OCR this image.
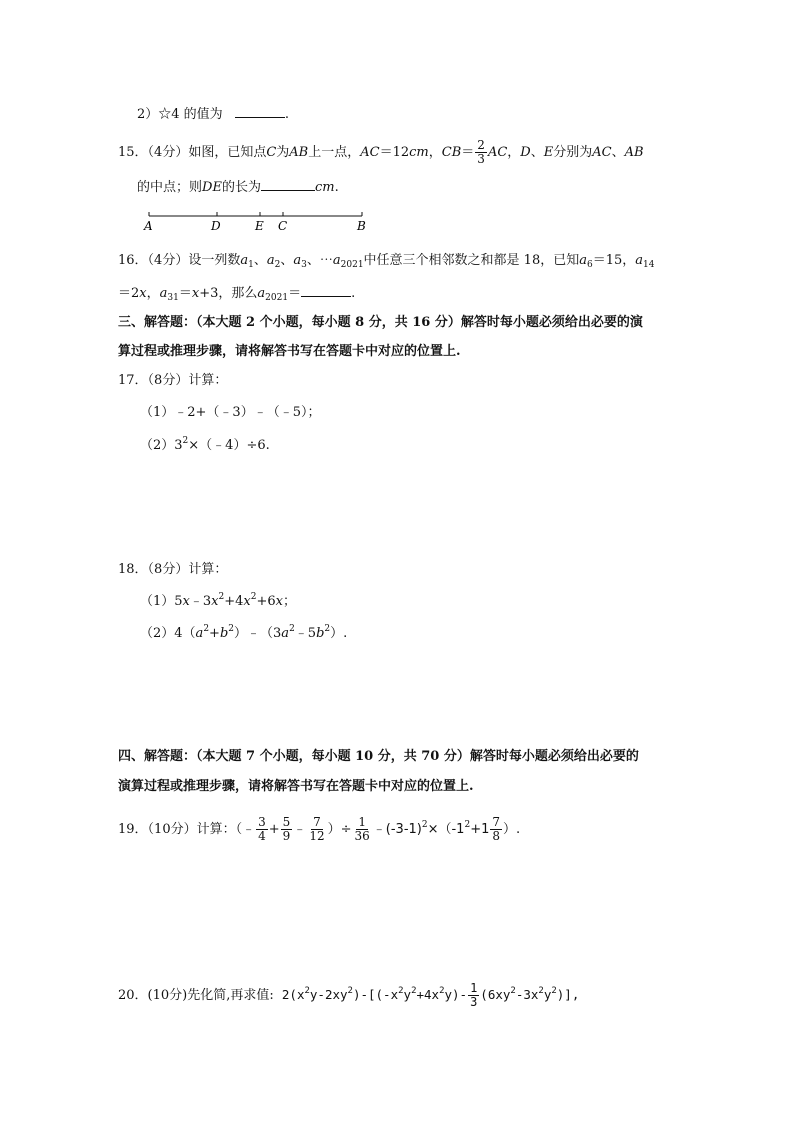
2）☆4 的值为	.
15．（4分）如图，已知点C为AB上一点，AC＝12cm，$CB= \frac{2}{3}$ AC，D、E分别为AC、AB
的中点；则DE的长为	cm.
A	D	E C	B
16．（4分）设一列数$a_1$、$a_2$、$a_3$、$\cdots a_{2021}$中任意三个相邻数之和都是 18，已知$a_6=15$，$a_{14}$
＝2x，$a_{31}=x+3$，那么$a_{2021}=$	.
三、解答题：（本大题 2 个小题，每小题 8 分，共 16 分）解答时每小题必须给出必要的演
算过程或推理步骤，请将解答书写在答题卡中对应的位置上.
17．（8分）计算：
（1）﹣2+（﹣3）﹣（﹣5）；
$(2)3^2\times(﹣4)\div 6$.
18．（8分）计算：
$(1)5x﹣3x^2+4x^2+6x$；
$(2)4(a^2+b^2)﹣(3a^2﹣5b^2)$.
四、解答题：（本大题 7 个小题，每小题 10 分，共 70 分）解答时每小题必须给出必要的
演算过程或推理步骤，请将解答书写在答题卡中对应的位置上.
19．（10分）计算：（﹣ $\frac{3}{4} + \frac{5}{9}$ ﹣ $\frac{7}{12}$ ）÷ $\frac{1}{36}$ $﹣(-3-1)^2\times(-1^2+1 \frac{7}{8}$ ）.
20．(10分)先化简,再求值: $2(x^2y-2xy^2)-[(-x^2y^2+4x^2y)- \frac{1}{3} (6xy^2-3x^2y^2)]$,
